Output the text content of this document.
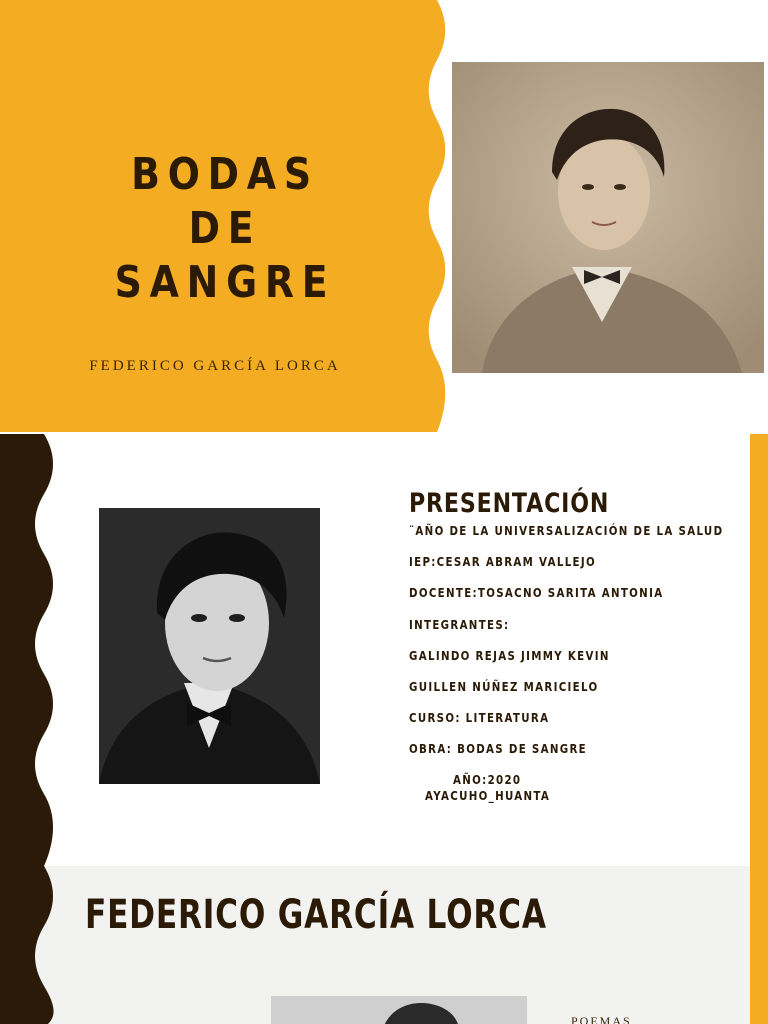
BODAS DE
SANGRE
FEDERICO GARCÍA LORCA
PRESENTACIÓN
¨AÑO DE LA UNIVERSALIZACIÓN DE LA SALUD
IEP:CESAR ABRAM VALLEJO
DOCENTE:TOSACNO SARITA ANTONIA
INTEGRANTES:
GALINDO REJAS JIMMY KEVIN
GUILLEN NÚÑEZ MARICIELO
CURSO: LITERATURA
OBRA: BODAS DE SANGRE
AÑO:2020
AYACUHO_HUANTA
FEDERICO GARCÍA LORCA
POEMAS
